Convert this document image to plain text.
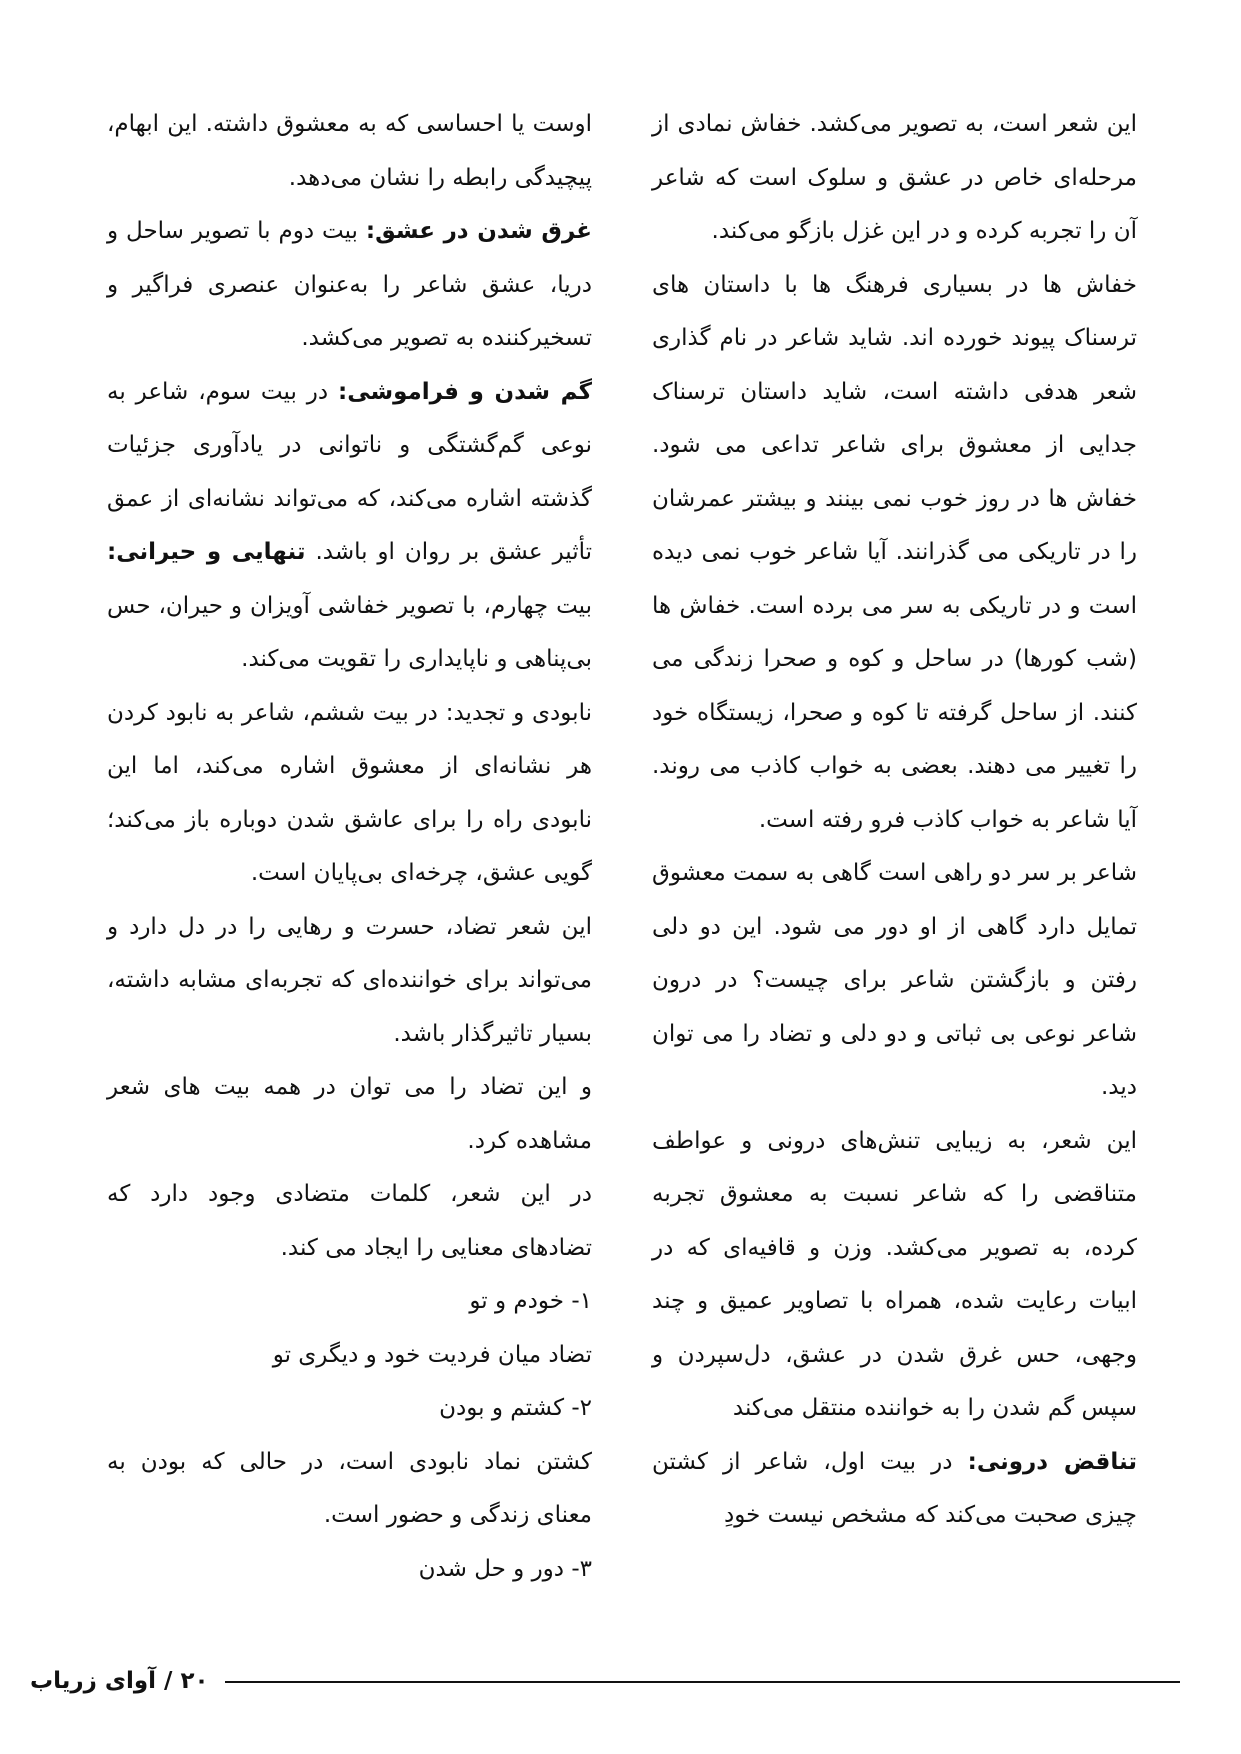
این شعر است، به تصویر می‌کشد. خفاش نمادی از مرحله‌ای خاص در عشق و سلوک است که شاعر آن را تجربه کرده و در این غزل بازگو می‌کند.

خفاش ها در بسیاری فرهنگ ها با داستان های ترسناک پیوند خورده اند. شاید شاعر در نام گذاری شعر هدفی داشته است، شاید داستان ترسناک جدایی از معشوق برای شاعر تداعی می شود. خفاش ها در روز خوب نمی بینند و بیشتر عمرشان را در تاریکی می گذرانند. آیا شاعر خوب نمی دیده است و در تاریکی به سر می برده است. خفاش ها (شب کورها) در ساحل و کوه و صحرا زندگی می کنند. از ساحل گرفته تا کوه و صحرا، زیستگاه خود را تغییر می دهند. بعضی به خواب کاذب می روند. آیا شاعر به خواب کاذب فرو رفته است.

شاعر بر سر دو راهی است گاهی به سمت معشوق تمایل دارد گاهی از او دور می شود. این دو دلی رفتن و بازگشتن شاعر برای چیست؟ در درون شاعر نوعی بی ثباتی و دو دلی و تضاد را می توان دید.

این شعر، به زیبایی تنش‌های درونی و عواطف متناقضی را که شاعر نسبت به معشوق تجربه کرده، به تصویر می‌کشد. وزن و قافیه‌ای که در ابیات رعایت شده، همراه با تصاویر عمیق و چند وجهی، حس غرق شدن در عشق، دل‌سپردن و سپس گم شدن را به خواننده منتقل می‌کند

تناقض درونی: در بیت اول، شاعر از کشتن چیزی صحبت می‌کند که مشخص نیست خودِ

اوست یا احساسی که به معشوق داشته. این ابهام، پیچیدگی رابطه را نشان می‌دهد.

غرق شدن در عشق: بیت دوم با تصویر ساحل و دریا، عشق شاعر را به‌عنوان عنصری فراگیر و تسخیرکننده به تصویر می‌کشد.

گم شدن و فراموشی: در بیت سوم، شاعر به نوعی گم‌گشتگی و ناتوانی در یادآوری جزئیات گذشته اشاره می‌کند، که می‌تواند نشانه‌ای از عمق تأثیر عشق بر روان او باشد. تنهایی و حیرانی: بیت چهارم، با تصویر خفاشی آویزان و حیران، حس بی‌پناهی و ناپایداری را تقویت می‌کند.

نابودی و تجدید: در بیت ششم، شاعر به نابود کردن هر نشانه‌ای از معشوق اشاره می‌کند، اما این نابودی راه را برای عاشق شدن دوباره باز می‌کند؛ گویی عشق، چرخه‌ای بی‌پایان است.

این شعر تضاد، حسرت و رهایی را در دل دارد و می‌تواند برای خواننده‌ای که تجربه‌ای مشابه داشته، بسیار تاثیرگذار باشد.

و این تضاد را می توان در همه بیت های شعر مشاهده کرد.

در این شعر، کلمات متضادی وجود دارد که تضادهای معنایی را ایجاد می کند.

۱- خودم و تو

تضاد میان فردیت خود و دیگری تو

۲- کشتم و بودن

کشتن نماد نابودی است، در حالی که بودن به معنای زندگی و حضور است.

۳- دور و حل شدن

۲۰ / آوای زریاب
